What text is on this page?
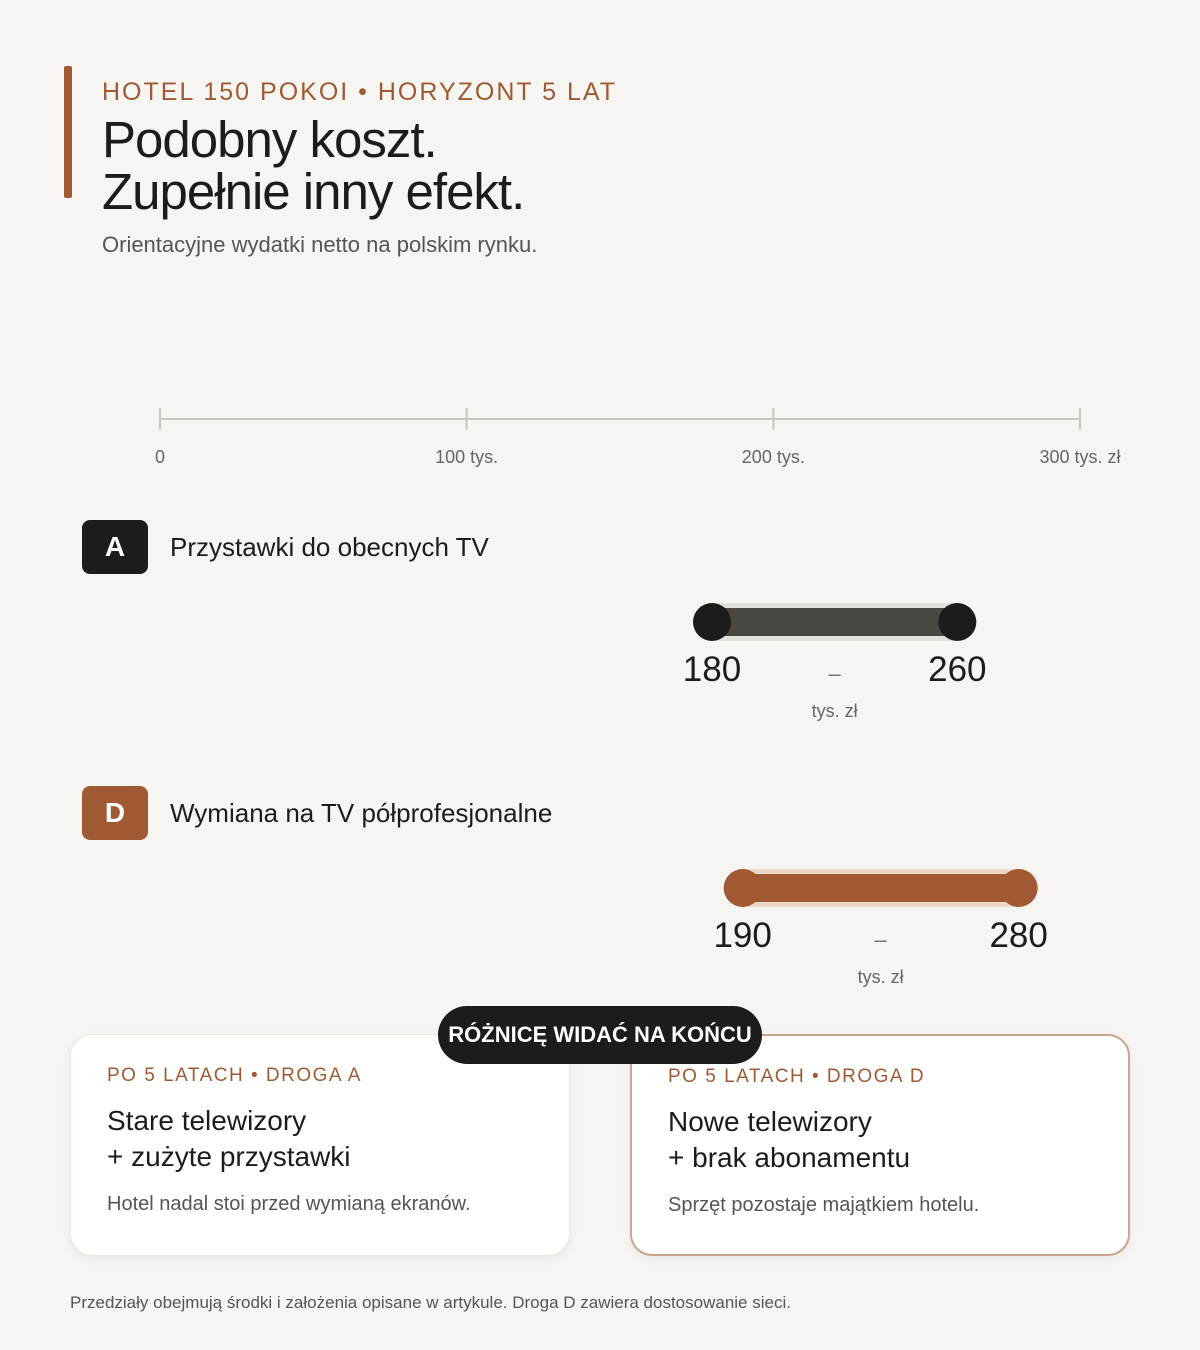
HOTEL 150 POKOI • HORYZONT 5 LAT
Podobny koszt.
Zupełnie inny efekt.
Orientacyjne wydatki netto na polskim rynku.
0	100 tys.	200 tys.	300 tys. zł
180	260
–
tys. zł
190	280
–
tys. zł
A	Przystawki do obecnych TV
D	Wymiana na TV półprofesjonalne
RÓŻNICĘ WIDAĆ NA KOŃCU
PO 5 LATACH • DROGA A
Stare telewizory
+ zużyte przystawki
Hotel nadal stoi przed wymianą ekranów.
PO 5 LATACH • DROGA D
Nowe telewizory
+ brak abonamentu
Sprzęt pozostaje majątkiem hotelu.
Przedziały obejmują środki i założenia opisane w artykule. Droga D zawiera dostosowanie sieci.
